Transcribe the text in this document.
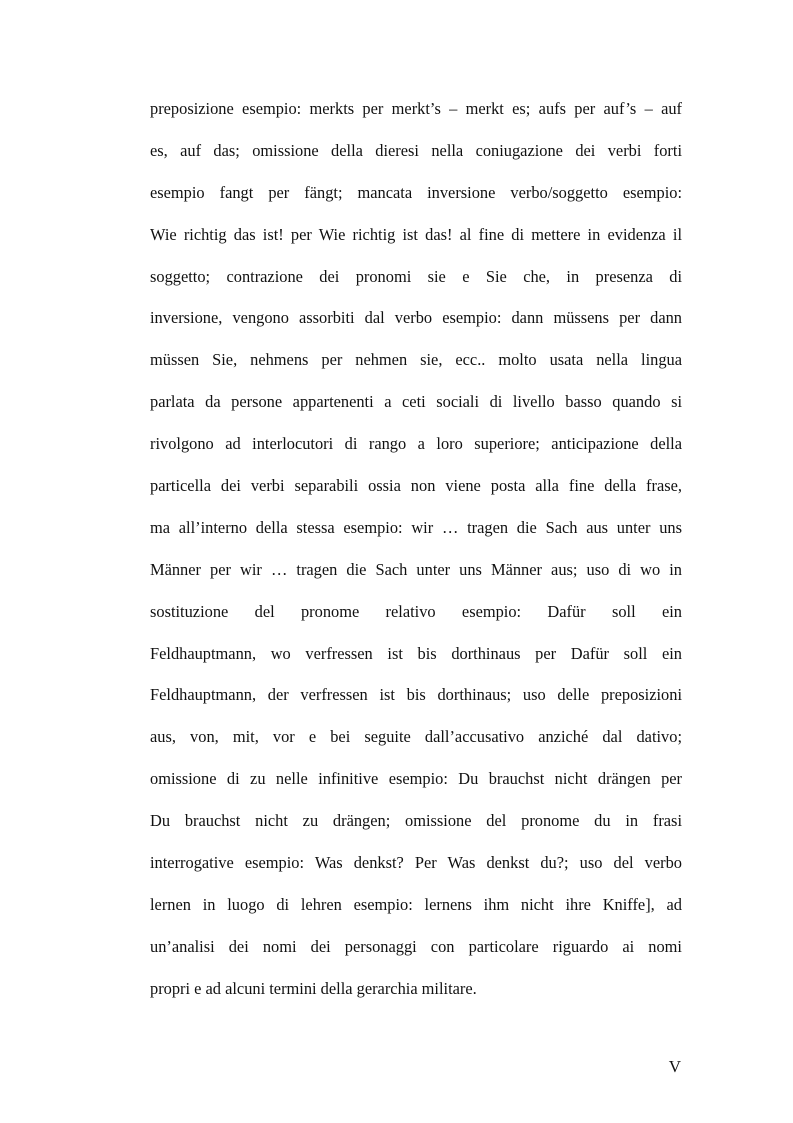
preposizione esempio: merkts per merkt’s – merkt es; aufs per auf’s – auf
es, auf das; omissione della dieresi nella coniugazione dei verbi forti
esempio fangt per fängt; mancata inversione verbo/soggetto esempio:
Wie richtig das ist! per Wie richtig ist das! al fine di mettere in evidenza il
soggetto; contrazione dei pronomi sie e Sie che, in presenza di
inversione, vengono assorbiti dal verbo esempio: dann müssens per dann
müssen Sie, nehmens per nehmen sie, ecc.. molto usata nella lingua
parlata da persone appartenenti a ceti sociali di livello basso quando si
rivolgono ad interlocutori di rango a loro superiore; anticipazione della
particella dei verbi separabili ossia non viene posta alla fine della frase,
ma all’interno della stessa esempio: wir … tragen die Sach aus unter uns
Männer per wir … tragen die Sach unter uns Männer aus; uso di wo in
sostituzione del pronome relativo esempio: Dafür soll ein
Feldhauptmann, wo verfressen ist bis dorthinaus per Dafür soll ein
Feldhauptmann, der verfressen ist bis dorthinaus; uso delle preposizioni
aus, von, mit, vor e bei seguite dall’accusativo anziché dal dativo;
omissione di zu nelle infinitive esempio: Du brauchst nicht drängen per
Du brauchst nicht zu drängen; omissione del pronome du in frasi
interrogative esempio: Was denkst? Per Was denkst du?; uso del verbo
lernen in luogo di lehren esempio: lernens ihm nicht ihre Kniffe], ad
un’analisi dei nomi dei personaggi con particolare riguardo ai nomi
propri e ad alcuni termini della gerarchia militare.
V
